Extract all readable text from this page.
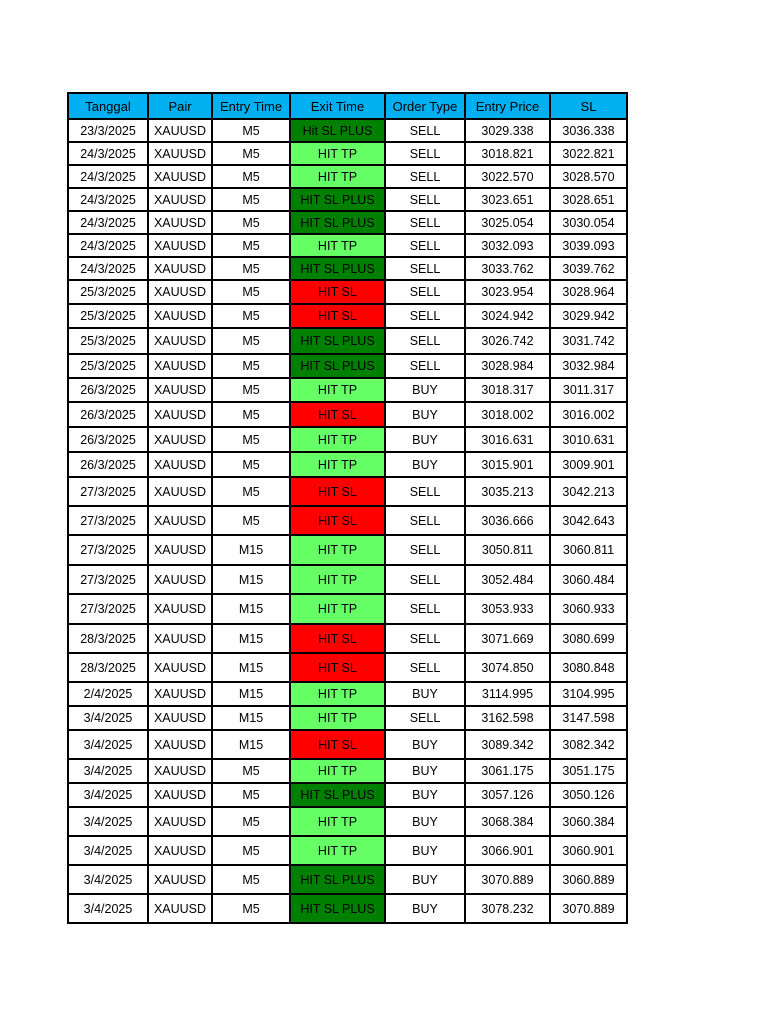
Tanggal	Pair	Entry Time	Exit Time	Order Type	Entry Price	SL
23/3/2025	XAUUSD	M5	Hit SL PLUS	SELL	3029.338	3036.338
24/3/2025	XAUUSD	M5	HIT TP	SELL	3018.821	3022.821
24/3/2025	XAUUSD	M5	HIT TP	SELL	3022.570	3028.570
24/3/2025	XAUUSD	M5	HIT SL PLUS	SELL	3023.651	3028.651
24/3/2025	XAUUSD	M5	HIT SL PLUS	SELL	3025.054	3030.054
24/3/2025	XAUUSD	M5	HIT TP	SELL	3032.093	3039.093
24/3/2025	XAUUSD	M5	HIT SL PLUS	SELL	3033.762	3039.762
25/3/2025	XAUUSD	M5	HIT SL	SELL	3023.954	3028.964
25/3/2025	XAUUSD	M5	HIT SL	SELL	3024.942	3029.942
25/3/2025	XAUUSD	M5	HIT SL PLUS	SELL	3026.742	3031.742
25/3/2025	XAUUSD	M5	HIT SL PLUS	SELL	3028.984	3032.984
26/3/2025	XAUUSD	M5	HIT TP	BUY	3018.317	3011.317
26/3/2025	XAUUSD	M5	HIT SL	BUY	3018.002	3016.002
26/3/2025	XAUUSD	M5	HIT TP	BUY	3016.631	3010.631
26/3/2025	XAUUSD	M5	HIT TP	BUY	3015.901	3009.901
27/3/2025	XAUUSD	M5	HIT SL	SELL	3035.213	3042.213
27/3/2025	XAUUSD	M5	HIT SL	SELL	3036.666	3042.643
27/3/2025	XAUUSD	M15	HIT TP	SELL	3050.811	3060.811
27/3/2025	XAUUSD	M15	HIT TP	SELL	3052.484	3060.484
27/3/2025	XAUUSD	M15	HIT TP	SELL	3053.933	3060.933
28/3/2025	XAUUSD	M15	HIT SL	SELL	3071.669	3080.699
28/3/2025	XAUUSD	M15	HIT SL	SELL	3074.850	3080.848
2/4/2025	XAUUSD	M15	HIT TP	BUY	3114.995	3104.995
3/4/2025	XAUUSD	M15	HIT TP	SELL	3162.598	3147.598
3/4/2025	XAUUSD	M15	HIT SL	BUY	3089.342	3082.342
3/4/2025	XAUUSD	M5	HIT TP	BUY	3061.175	3051.175
3/4/2025	XAUUSD	M5	HIT SL PLUS	BUY	3057.126	3050.126
3/4/2025	XAUUSD	M5	HIT TP	BUY	3068.384	3060.384
3/4/2025	XAUUSD	M5	HIT TP	BUY	3066.901	3060.901
3/4/2025	XAUUSD	M5	HIT SL PLUS	BUY	3070.889	3060.889
3/4/2025	XAUUSD	M5	HIT SL PLUS	BUY	3078.232	3070.889
